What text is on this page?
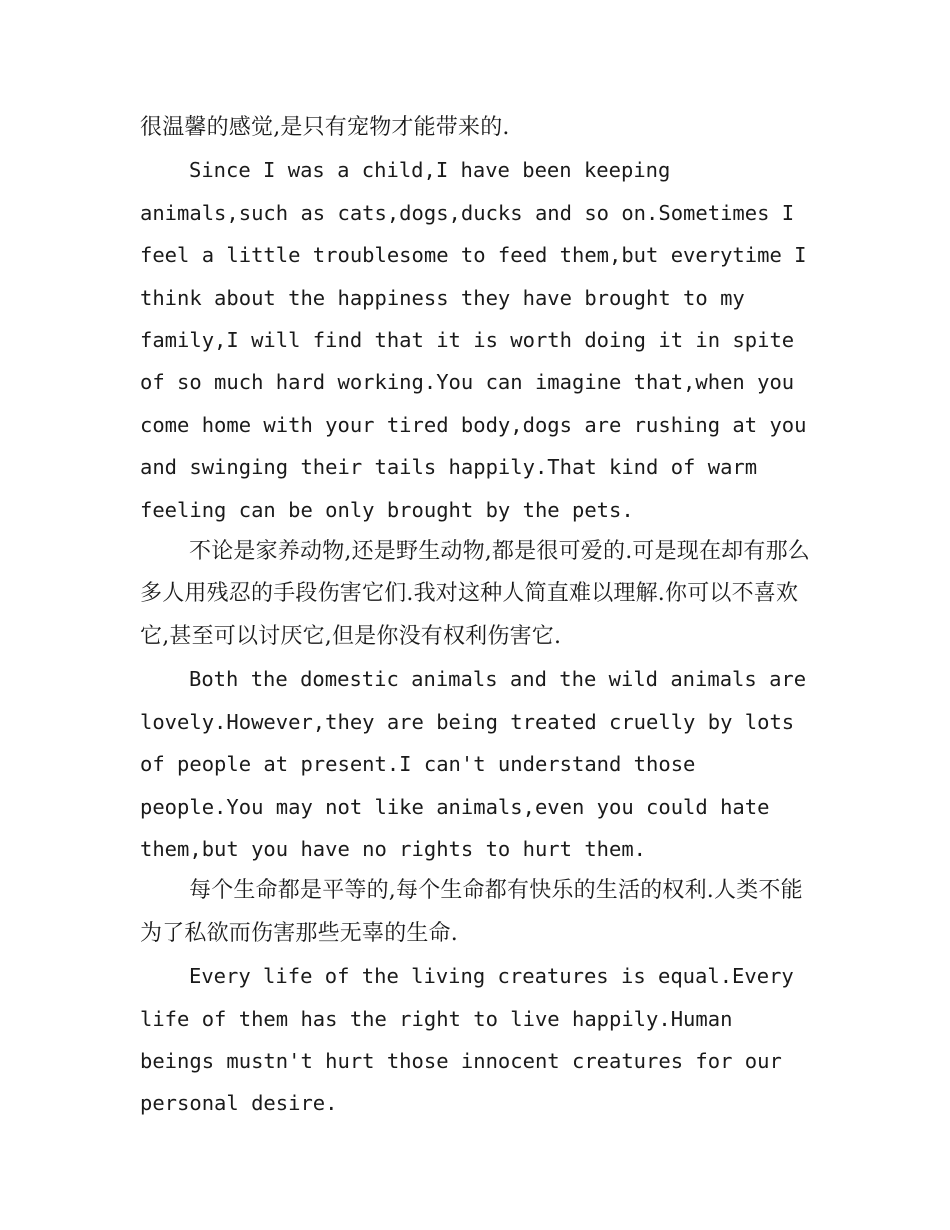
很温馨的感觉,是只有宠物才能带来的.

Since I was a child,I have been keeping animals,such as cats,dogs,ducks and so on.Sometimes I feel a little troublesome to feed them,but everytime I think about the happiness they have brought to my family,I will find that it is worth doing it in spite of so much hard working.You can imagine that,when you come home with your tired body,dogs are rushing at you and swinging their tails happily.That kind of warm feeling can be only brought by the pets.

不论是家养动物,还是野生动物,都是很可爱的.可是现在却有那么多人用残忍的手段伤害它们.我对这种人简直难以理解.你可以不喜欢它,甚至可以讨厌它,但是你没有权利伤害它.

Both the domestic animals and the wild animals are lovely.However,they are being treated cruelly by lots of people at present.I can't understand those people.You may not like animals,even you could hate them,but you have no rights to hurt them.

每个生命都是平等的,每个生命都有快乐的生活的权利.人类不能为了私欲而伤害那些无辜的生命.

Every life of the living creatures is equal.Every life of them has the right to live happily.Human beings mustn't hurt those innocent creatures for our personal desire.
